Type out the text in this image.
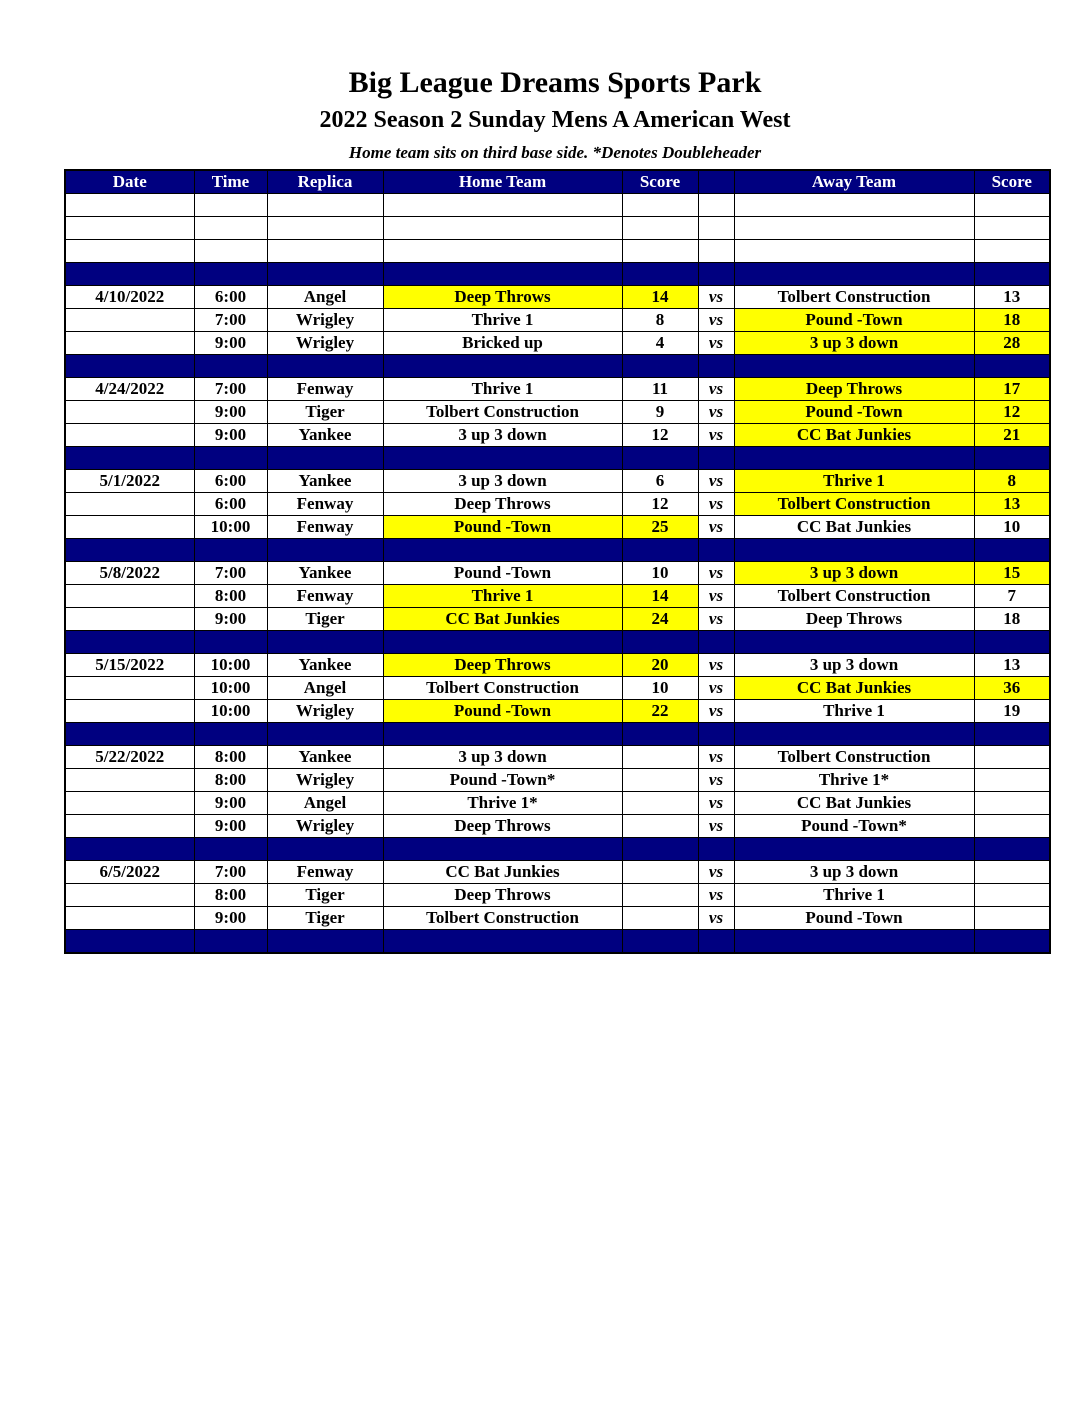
Big League Dreams Sports Park
2022 Season 2 Sunday Mens A American West
Home team sits on third base side. *Denotes Doubleheader
Date	Time	Replica	Home Team	Score		Away Team	Score

4/10/2022	6:00	Angel	Deep Throws	14	vs	Tolbert Construction	13
	7:00	Wrigley	Thrive 1	8	vs	Pound -Town	18
	9:00	Wrigley	Bricked up	4	vs	3 up 3 down	28

4/24/2022	7:00	Fenway	Thrive 1	11	vs	Deep Throws	17
	9:00	Tiger	Tolbert Construction	9	vs	Pound -Town	12
	9:00	Yankee	3 up 3 down	12	vs	CC Bat Junkies	21

5/1/2022	6:00	Yankee	3 up 3 down	6	vs	Thrive 1	8
	6:00	Fenway	Deep Throws	12	vs	Tolbert Construction	13
	10:00	Fenway	Pound -Town	25	vs	CC Bat Junkies	10

5/8/2022	7:00	Yankee	Pound -Town	10	vs	3 up 3 down	15
	8:00	Fenway	Thrive 1	14	vs	Tolbert Construction	7
	9:00	Tiger	CC Bat Junkies	24	vs	Deep Throws	18

5/15/2022	10:00	Yankee	Deep Throws	20	vs	3 up 3 down	13
	10:00	Angel	Tolbert Construction	10	vs	CC Bat Junkies	36
	10:00	Wrigley	Pound -Town	22	vs	Thrive 1	19

5/22/2022	8:00	Yankee	3 up 3 down		vs	Tolbert Construction	
	8:00	Wrigley	Pound -Town*		vs	Thrive 1*	
	9:00	Angel	Thrive 1*		vs	CC Bat Junkies	
	9:00	Wrigley	Deep Throws		vs	Pound -Town*	

6/5/2022	7:00	Fenway	CC Bat Junkies		vs	3 up 3 down	
	8:00	Tiger	Deep Throws		vs	Thrive 1	
	9:00	Tiger	Tolbert Construction		vs	Pound -Town	
